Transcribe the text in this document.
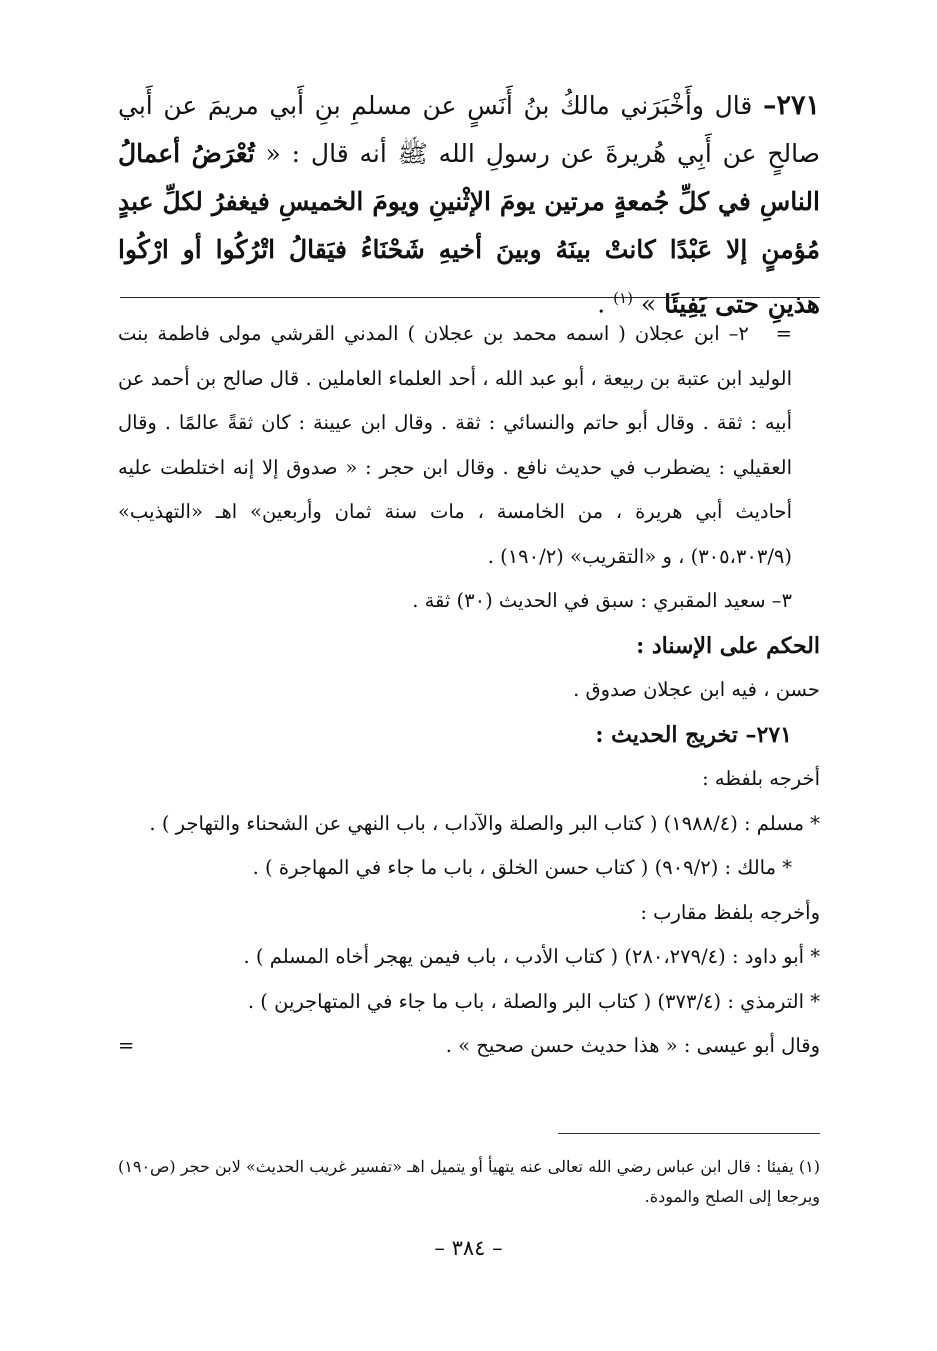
٢٧١– قال وأَخْبَرَني مالكُ بنُ أَنَسٍ عن مسلمِ بنِ أَبي مريمَ عن أَبي صالحٍ عن أَبِي هُريرةَ عن رسولِ الله ﷺ أنه قال : « تُعْرَضُ أعمالُ الناسِ في كلِّ جُمعةٍ مرتين يومَ الإثْنينِ ويومَ الخميسِ فيغفرُ لكلِّ عبدٍ مُؤمنٍ إلا عَبْدًا كانتْ بينَهُ وبينَ أخيهِ شَحْنَاءُ فيَقالُ اتْرُكُوا أو ارْكُوا هذينِ حتى يَفِيئَا » $^{(١)}$ .

=   ٢– ابن عجلان ( اسمه محمد بن عجلان ) المدني القرشي مولى فاطمة بنت الوليد ابن عتبة بن ربيعة ، أبو عبد الله ، أحد العلماء العاملين . قال صالح بن أحمد عن أبيه : ثقة . وقال أبو حاتم والنسائي : ثقة . وقال ابن عيينة : كان ثقةً عالمًا . وقال العقيلي : يضطرب في حديث نافع . وقال ابن حجر : « صدوق إلا إنه اختلطت عليه أحاديث أبي هريرة ، من الخامسة ، مات سنة ثمان وأربعين» اهـ «التهذيب» (٣٠٥،٣٠٣/٩) ، و «التقريب» (١٩٠/٢) .

٣– سعيد المقبري : سبق في الحديث (٣٠) ثقة .

الحكم على الإسناد :

حسن ، فيه ابن عجلان صدوق .

٢٧١– تخريج الحديث :

أخرجه بلفظه :

* مسلم : (١٩٨٨/٤) ( كتاب البر والصلة والآداب ، باب النهي عن الشحناء والتهاجر ) .

* مالك : (٩٠٩/٢) ( كتاب حسن الخلق ، باب ما جاء في المهاجرة ) .

وأخرجه بلفظ مقارب :

* أبو داود : (٢٨٠،٢٧٩/٤) ( كتاب الأدب ، باب فيمن يهجر أخاه المسلم ) .

* الترمذي : (٣٧٣/٤) ( كتاب البر والصلة ، باب ما جاء في المتهاجرين ) .

وقال أبو عيسى : « هذا حديث حسن صحيح » .
=

(١) يفيئا : قال ابن عباس رضي الله تعالى عنه يتهيأ أو يتميل اهـ «تفسير غريب الحديث» لابن حجر (ص١٩٠) ويرجعا إلى الصلح والمودة.

– ٣٨٤ –
